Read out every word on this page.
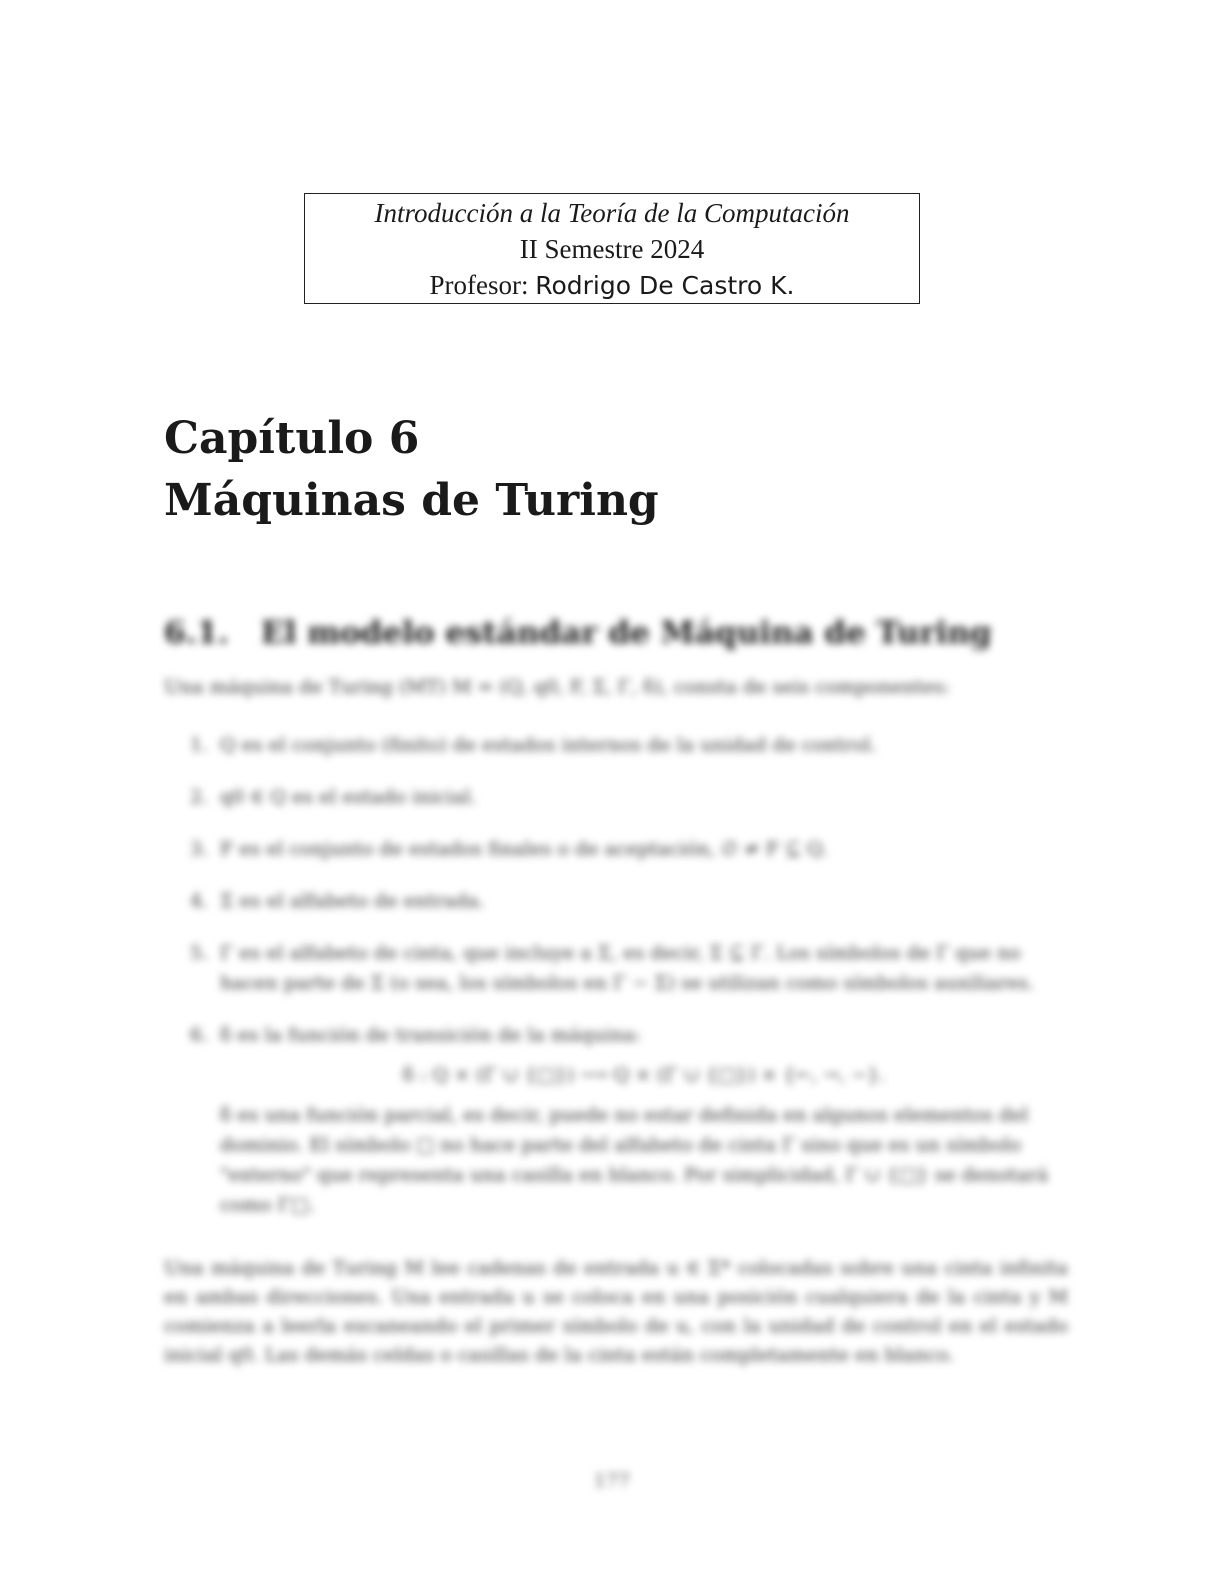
Introducción a la Teoría de la Computación
II Semestre 2024
Profesor: Rodrigo De Castro K.
Capítulo 6
Máquinas de Turing
6.1. El modelo estándar de Máquina de Turing

Una máquina de Turing (MT) M = (Q, q0, F, Σ, Γ, δ), consta de seis componentes:

1. Q es el conjunto (finito) de estados internos de la unidad de control.
2. q0 ∈ Q es el estado inicial.
3. F es el conjunto de estados finales o de aceptación, ∅ ≠ F ⊆ Q.
4. Σ es el alfabeto de entrada.
5. Γ es el alfabeto de cinta, que incluye a Σ, es decir, Σ ⊆ Γ. Los símbolos de Γ que no hacen parte de Σ (o sea, los símbolos en Γ − Σ) se utilizan como símbolos auxiliares.
6. δ es la función de transición de la máquina:
δ : Q × (Γ ∪ {□}) ⟶ Q × (Γ ∪ {□}) × {←, →, −}.
δ es una función parcial, es decir, puede no estar definida en algunos elementos del dominio. El símbolo □ no hace parte del alfabeto de cinta Γ sino que es un símbolo "externo" que representa una casilla en blanco. Por simplicidad, Γ ∪ {□} se denotará como Γ□.

Una máquina de Turing M lee cadenas de entrada u ∈ Σ* colocadas sobre una cinta infinita en ambas direcciones. Una entrada u se coloca en una posición cualquiera de la cinta y M comienza a leerla escaneando el primer símbolo de u, con la unidad de control en el estado inicial q0. Las demás celdas o casillas de la cinta están completamente en blanco.

177
